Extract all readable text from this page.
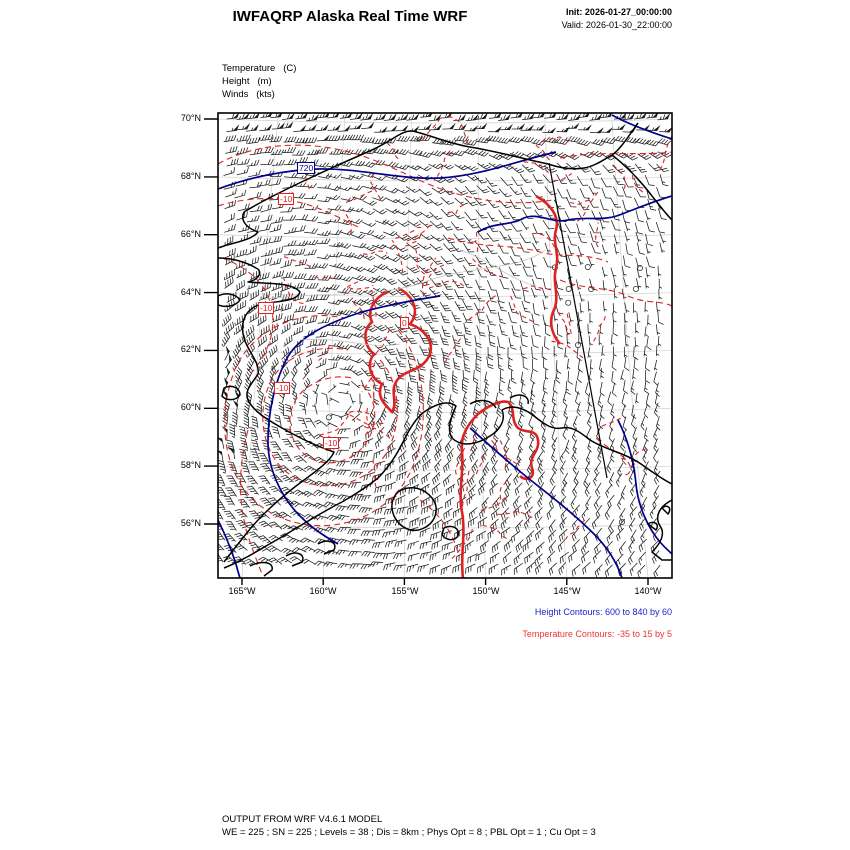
IWFAQRP Alaska Real Time WRF	Init: 2026-01-27_00:00:00
Valid: 2026-01-30_22:00:00
Temperature   (C)
Height   (m)
Winds   (kts)
720
-10
-10
-10
-10
0
70°N
68°N
66°N
64°N
62°N
60°N
58°N
56°N
165°W	160°W	155°W	150°W	145°W	140°W
Height Contours: 600 to 840 by 60
Temperature Contours: -35 to 15 by 5
OUTPUT FROM WRF V4.6.1 MODEL
WE = 225 ; SN = 225 ; Levels = 38 ; Dis = 8km ; Phys Opt = 8 ; PBL Opt = 1 ; Cu Opt = 3
